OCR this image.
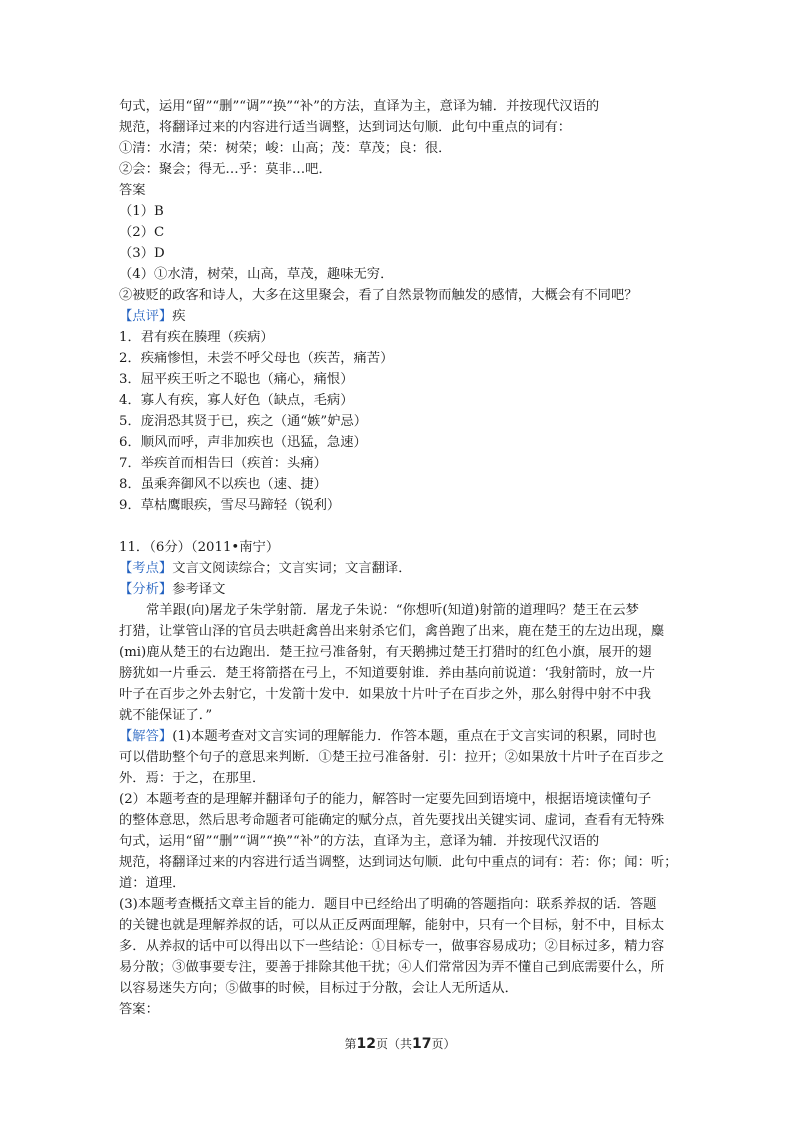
句式，运用“留”“删”“调”“换”“补”的方法，直译为主，意译为辅．并按现代汉语的
规范，将翻译过来的内容进行适当调整，达到词达句顺．此句中重点的词有：
①清：水清；荣：树荣；峻：山高；茂：草茂；良：很．
②会：聚会；得无…乎：莫非…吧．
答案
（1）B
（2）C
（3）D
（4）①水清，树荣，山高，草茂，趣味无穷．
②被贬的政客和诗人，大多在这里聚会，看了自然景物而触发的感情，大概会有不同吧？
【点评】疾
1．君有疾在腠理（疾病）
2．疾痛惨怛，未尝不呼父母也（疾苦，痛苦）
3．屈平疾王听之不聪也（痛心，痛恨）
4．寡人有疾，寡人好色（缺点，毛病）
5．庞涓恐其贤于已，疾之（通“嫉”妒忌）
6．顺风而呼，声非加疾也（迅猛，急速）
7．举疾首而相告曰（疾首：头痛）
8．虽乘奔御风不以疾也（速、捷）
9．草枯鹰眼疾，雪尽马蹄轻（锐利）
11．（6分）（2011•南宁）
【考点】文言文阅读综合；文言实词；文言翻译．
【分析】参考译文
常羊跟(向)屠龙子朱学射箭．屠龙子朱说：“你想听(知道)射箭的道理吗？楚王在云梦
打猎，让掌管山泽的官员去哄赶禽兽出来射杀它们，禽兽跑了出来，鹿在楚王的左边出现，麋
(mi)鹿从楚王的右边跑出．楚王拉弓准备射，有天鹅拂过楚王打猎时的红色小旗，展开的翅
膀犹如一片垂云．楚王将箭搭在弓上，不知道要射谁．养由基向前说道：‘我射箭时，放一片
叶子在百步之外去射它，十发箭十发中．如果放十片叶子在百步之外，那么射得中射不中我
就不能保证了．”
【解答】(1)本题考查对文言实词的理解能力．作答本题，重点在于文言实词的积累，同时也
可以借助整个句子的意思来判断．①楚王拉弓准备射．引：拉开；②如果放十片叶子在百步之
外．焉：于之，在那里．
(2）本题考查的是理解并翻译句子的能力，解答时一定要先回到语境中，根据语境读懂句子
的整体意思，然后思考命题者可能确定的赋分点，首先要找出关键实词、虚词，查看有无特殊
句式，运用“留”“删”“调”“换”“补”的方法，直译为主，意译为辅．并按现代汉语的
规范，将翻译过来的内容进行适当调整，达到词达句顺．此句中重点的词有：若：你；闻：听；
道：道理．
(3)本题考查概括文章主旨的能力．题目中已经给出了明确的答题指向：联系养叔的话．答题
的关键也就是理解养叔的话，可以从正反两面理解，能射中，只有一个目标，射不中，目标太
多．从养叔的话中可以得出以下一些结论：①目标专一，做事容易成功；②目标过多，精力容
易分散；③做事要专注，要善于排除其他干扰；④人们常常因为弄不懂自己到底需要什么，所
以容易迷失方向；⑤做事的时候，目标过于分散，会让人无所适从．
答案：
第12页（共17页）
